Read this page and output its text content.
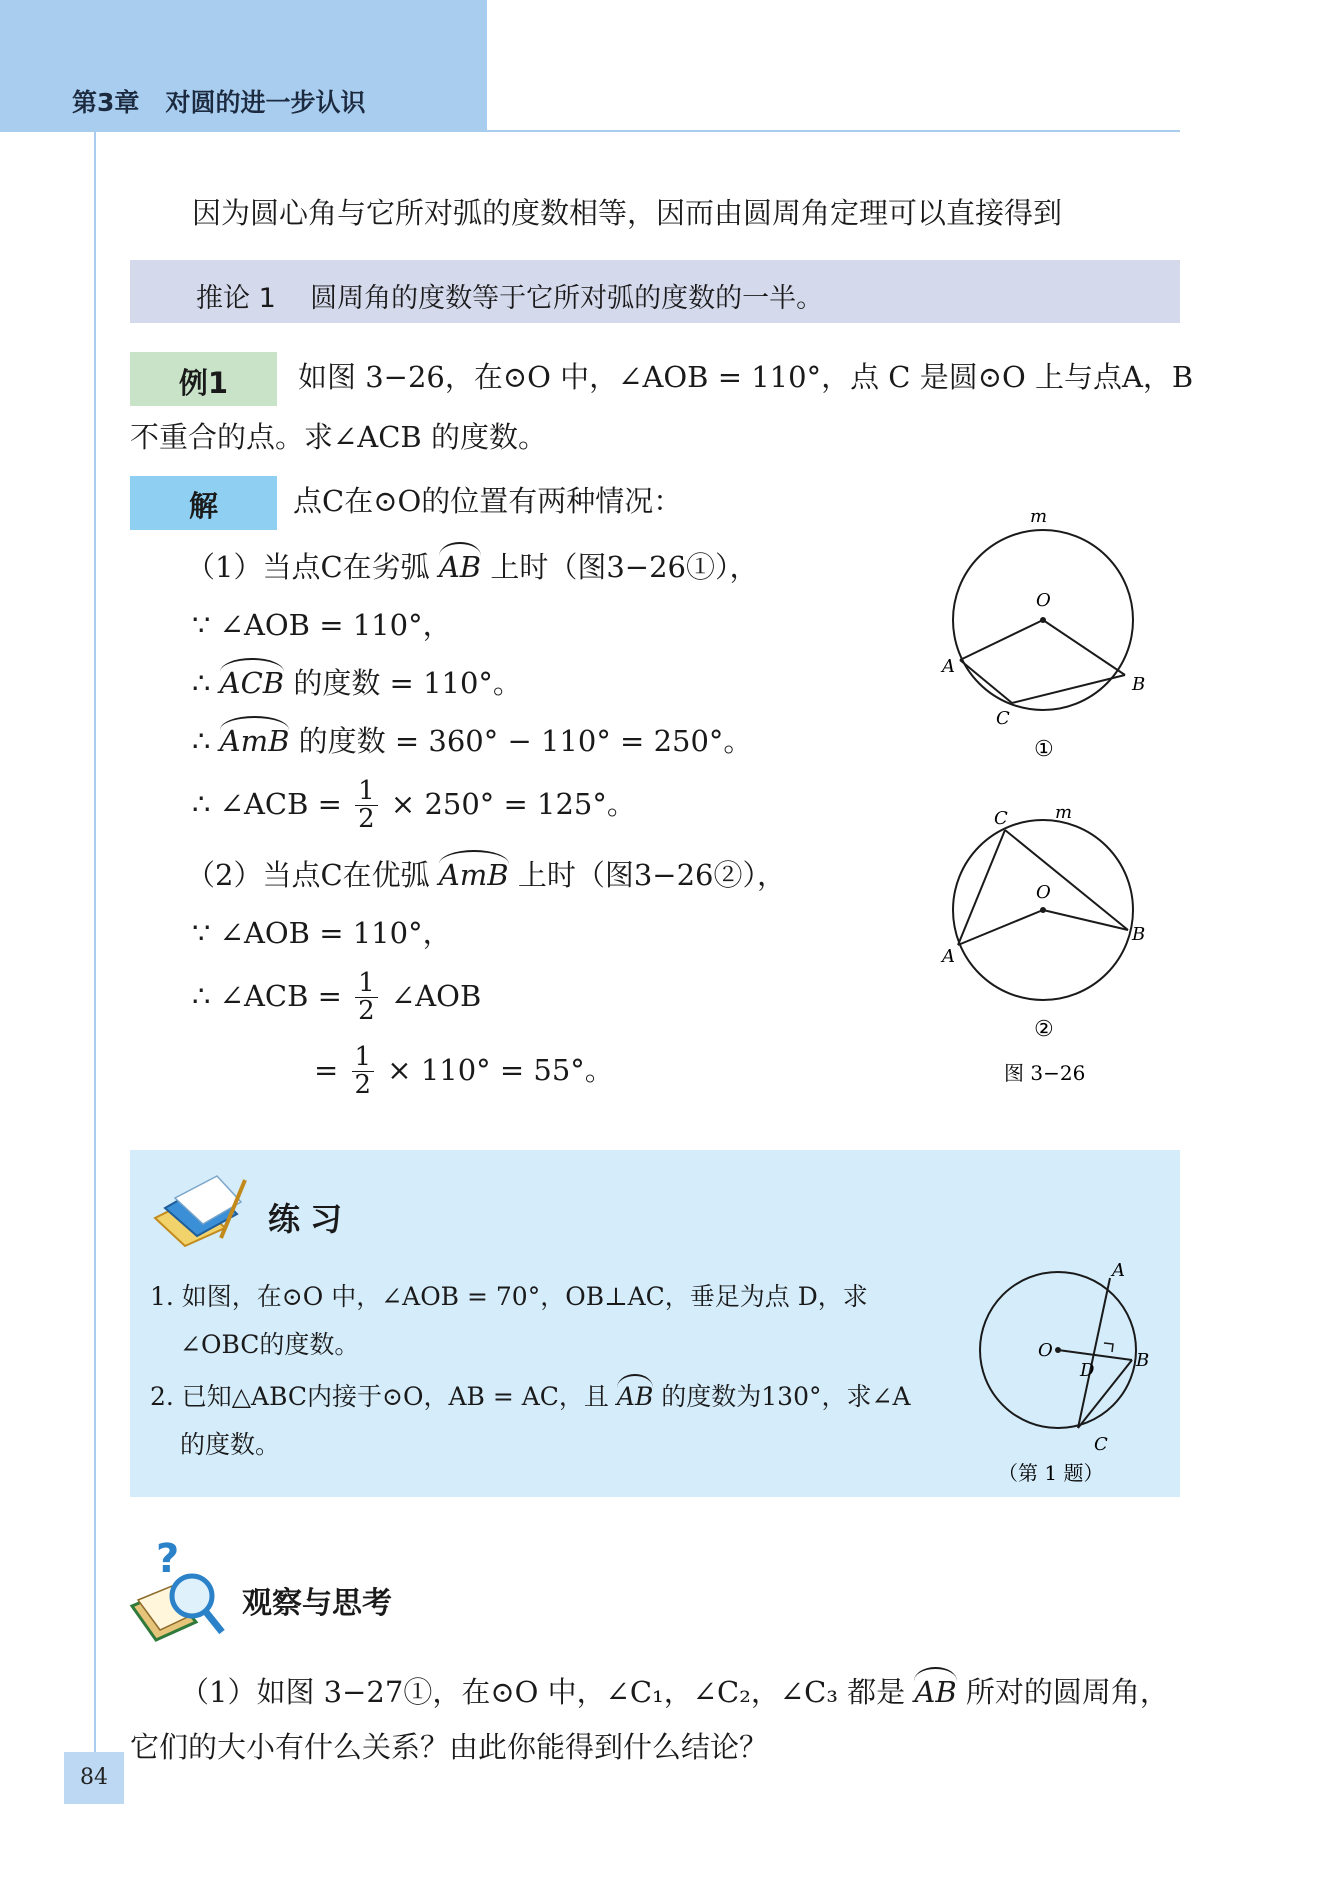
第3章 对圆的进一步认识
因为圆心角与它所对弧的度数相等，因而由圆周角定理可以直接得到
推论 1 圆周角的度数等于它所对弧的度数的一半。
例1	如图 3−26，在⊙O 中，∠AOB = 110°，点 C 是圆⊙O 上与点A，B
不重合的点。求∠ACB 的度数。
解	点C在⊙O的位置有两种情况：
（1）当点C在劣弧 AB 上时（图3−26①），
∵ ∠AOB = 110°，
∴ ACB 的度数 = 110°。
∴ AmB 的度数 = 360° − 110° = 250°。
∴ ∠ACB = $\frac{1}{2} \times 250^\circ = 125^\circ$。
（2）当点C在优弧 AmB 上时（图3−26②），
∵ ∠AOB = 110°，
∴ ∠ACB = $\frac{1}{2}$ ∠AOB
= $\frac{1}{2} \times 110^\circ = 55^\circ$。
m
O
A
B
C
①
C	m
O
A
B
②
图 3−26
练习
1. 如图，在⊙O 中，∠AOB = 70°，OB⊥AC，垂足为点 D，求
∠OBC的度数。
2. 已知△ABC内接于⊙O，AB = AC，且 AB 的度数为130°，求∠A
的度数。
O
A
B
C
D
（第 1 题）
?
观察与思考
（1）如图 3−27①，在⊙O 中，∠C₁，∠C₂，∠C₃ 都是 AB 所对的圆周角，
它们的大小有什么关系？由此你能得到什么结论？
84
